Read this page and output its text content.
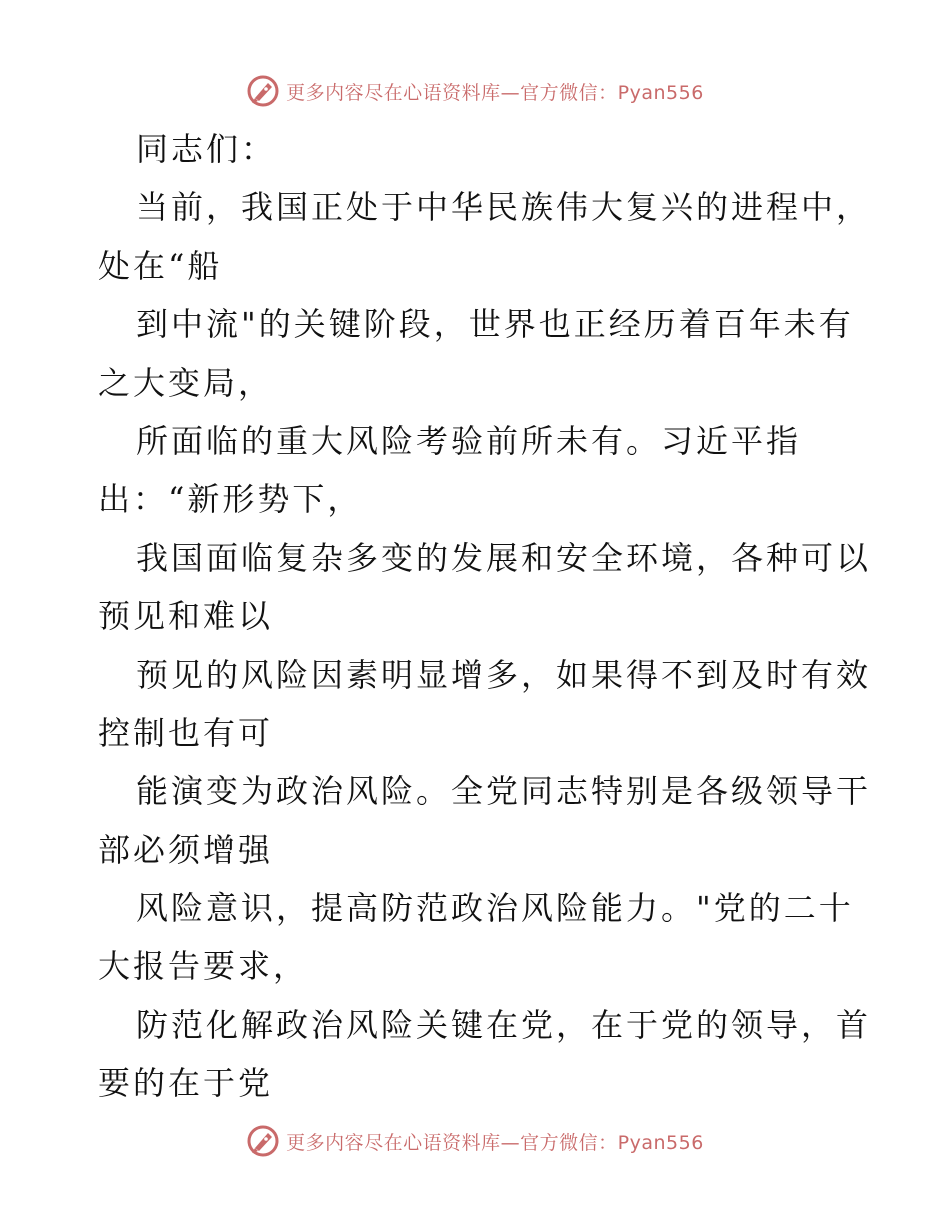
更多内容尽在心语资料库—官方微信：Pyan556
同志们：
当前，我国正处于中华民族伟大复兴的进程中，
处在“船
到中流"的关键阶段，世界也正经历着百年未有
之大变局，
所面临的重大风险考验前所未有。习近平指
出：“新形势下，
我国面临复杂多变的发展和安全环境，各种可以
预见和难以
预见的风险因素明显增多，如果得不到及时有效
控制也有可
能演变为政治风险。全党同志特别是各级领导干
部必须增强
风险意识，提高防范政治风险能力。"党的二十
大报告要求，
防范化解政治风险关键在党，在于党的领导，首
要的在于党
更多内容尽在心语资料库—官方微信：Pyan556
